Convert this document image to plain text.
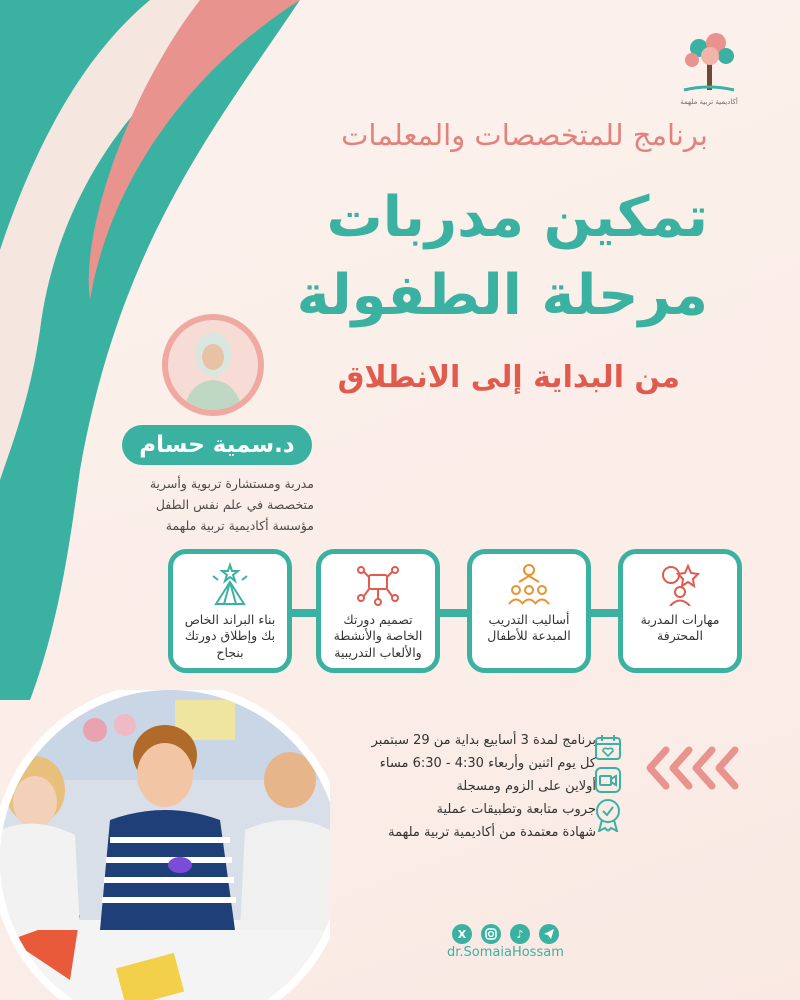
أكاديمية تربية ملهمة
برنامج للمتخصصات والمعلمات
تمكين مدربات
مرحلة الطفولة
من البداية إلى الانطلاق
د.سمية حسام
مدربة ومستشارة تربوية وأسرية
متخصصة في علم نفس الطفل
مؤسسة أكاديمية تربية ملهمة
مهارات المدربة المحترفة
أساليب التدريب المبدعة للأطفال
تصميم دورتك الخاصة والأنشطة والألعاب التدريبية
بناء البراند الخاص بك وإطلاق دورتك بنجاح
برنامج لمدة 3 أسابيع بداية من 29 سبتمبر
كل يوم اثنين وأربعاء 4:30 - 6:30 مساء
أولاين على الزوم ومسجلة
جروب متابعة وتطبيقات عملية
شهادة معتمدة من أكاديمية تربية ملهمة
X	♪
dr.SomaiaHossam
